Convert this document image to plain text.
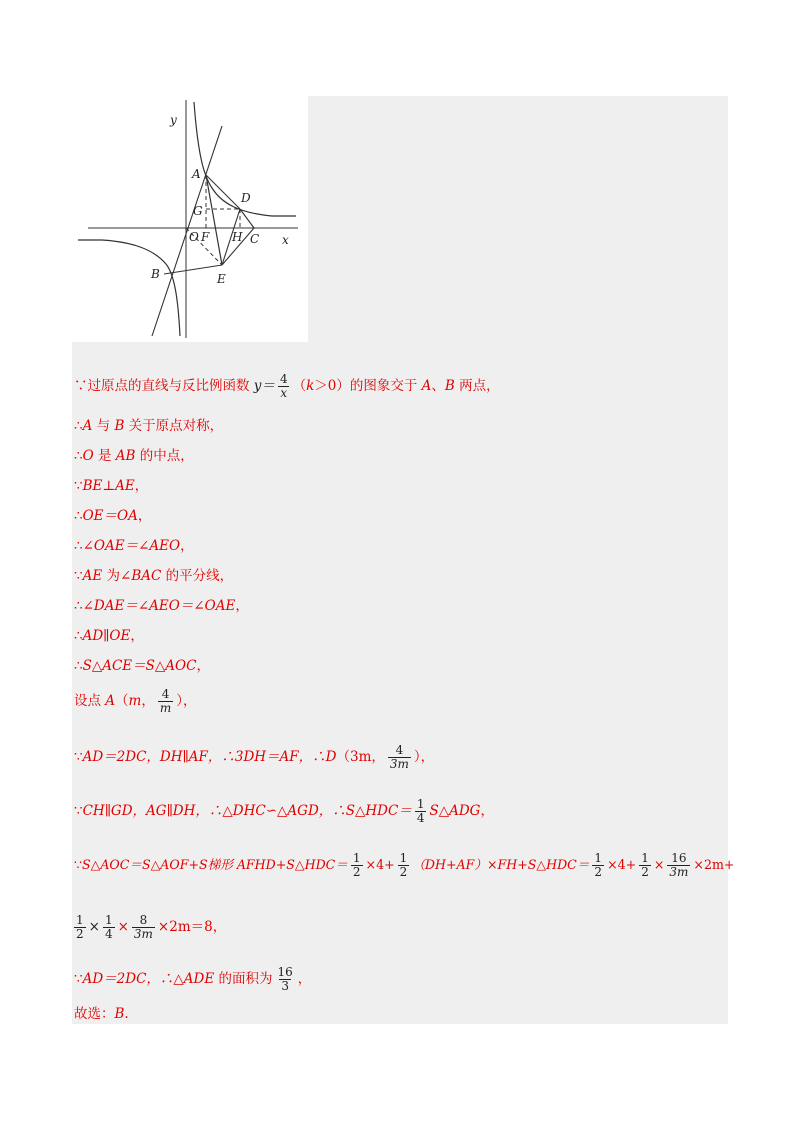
y
x
A
D
G
O F H C
B	E
∵过原点的直线与反比例函数 $y= \frac{4}{x} (k>0)$的图象交于 A、B 两点，
∴A 与 B 关于原点对称，
∴O 是 AB 的中点，
∵BE⊥AE，
∴OE＝OA，
∴∠OAE＝∠AEO，
∵AE 为∠BAC 的平分线，
∴∠DAE＝∠AEO＝∠OAE，
∴AD∥OE，
∴S△ACE＝S△AOC，
设点 A（m， $\frac{4}{m}$ ），
∵AD＝2DC，DH∥AF，∴3DH＝AF，∴D（3m， $\frac{4}{3m}$ ），
∵CH∥GD，AG∥DH，∴△DHC∽△AGD，∴S△HDC＝ $\frac{1}{4}$ S△ADG，
∵S△AOC＝S△AOF+S梯形 AFHD+S△HDC＝ $\frac{1}{2} \times 4+ \frac{1}{2}$ （DH+AF）×FH+S△HDC＝ $\frac{1}{2} \times 4+ \frac{1}{2} \times \frac{16}{3m} \times 2m+$
$\frac{1}{2} \times \frac{1}{4} \times \frac{8}{3m} \times 2m=8$，
∵AD＝2DC，∴△ADE 的面积为 $\frac{16}{3}$ ，
故选：B.
